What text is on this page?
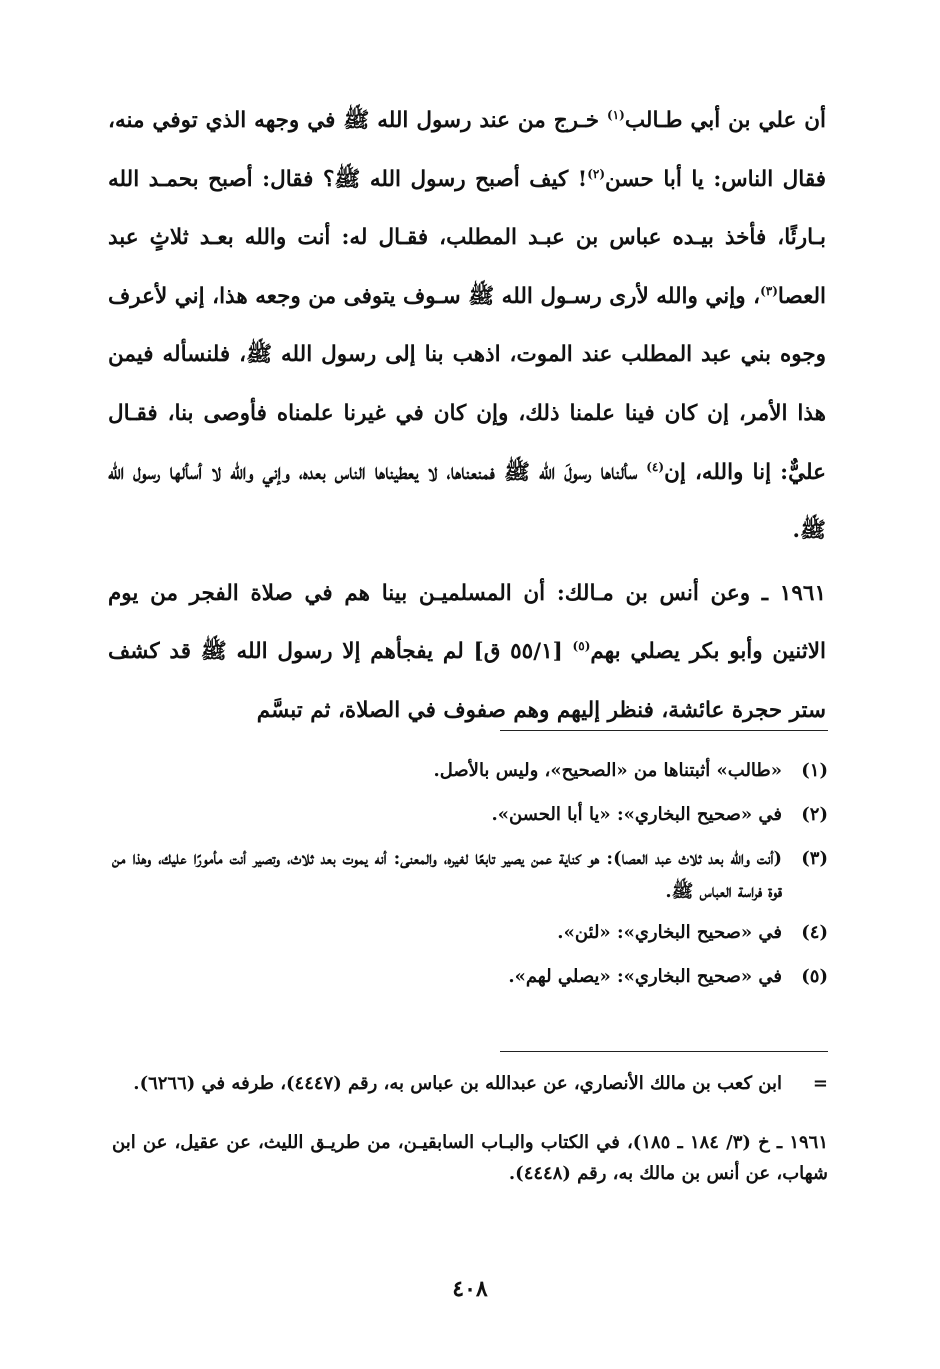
أن علي بن أبي طـالب$^{(١)}$ خـرج من عند رسول الله ﷺ في وجهه الذي توفي منه، فقال الناس: يا أبا حسن$^{(٢)}$! كيف أصبح رسول الله ﷺ؟ فقال: أصبح بحمـد الله بـارئًا، فأخذ بيـده عباس بن عبـد المطلب، فقـال له: أنت والله بعـد ثلاثٍ عبد العصا$^{(٣)}$، وإني والله لأرى رسـول الله ﷺ سـوف يتوفى من وجعه هذا، إني لأعرف وجوه بني عبد المطلب عند الموت، اذهب بنا إلى رسول الله ﷺ، فلنسأله فيمن هذا الأمر، إن كان فينا علمنا ذلك، وإن كان في غيرنا علمناه فأوصى بنا، فقـال عليٌّ: إنا والله، إن$^{(٤)}$ سألناها رسولَ الله ﷺ فمنعناها، لا يعطيناها الناس بعده، وإني والله لا أسألها رسول الله ﷺ.

١٩٦١ ـ وعن أنس بن مـالك: أن المسلميـن بينا هم في صلاة الفجر من يوم الاثنين وأبو بكر يصلي بهم$^{(٥)}$ [٥٥/١ ق] لم يفجأهم إلا رسول الله ﷺ قد كشف ستر حجرة عائشة، فنظر إليهم وهم صفوف في الصلاة، ثم تبسَّم

(١)
«طالب» أثبتناها من «الصحيح»، وليس بالأصل.
(٢)
في «صحيح البخاري»: «يا أبا الحسن».
(٣)
(أنت والله بعد ثلاث عبد العصا): هو كناية عمن يصير تابعًا لغيره، والمعنى: أنه يموت بعد ثلاث، وتصير أنت مأمورًا عليك، وهذا من قوة فراسة العباس ﷺ.
(٤)
في «صحيح البخاري»: «لئن».
(٥)
في «صحيح البخاري»: «يصلي لهم».
=
ابن كعب بن مالك الأنصاري، عن عبدالله بن عباس به، رقم (٤٤٤٧)، طرفه في (٦٢٦٦).
١٩٦١ ـ خ (٣/ ١٨٤ ـ ١٨٥)، في الكتاب والبـاب السابقيـن، من طريـق الليث، عن عقيل، عن ابن شهاب، عن أنس بن مالك به، رقم (٤٤٤٨).
٤٠٨
